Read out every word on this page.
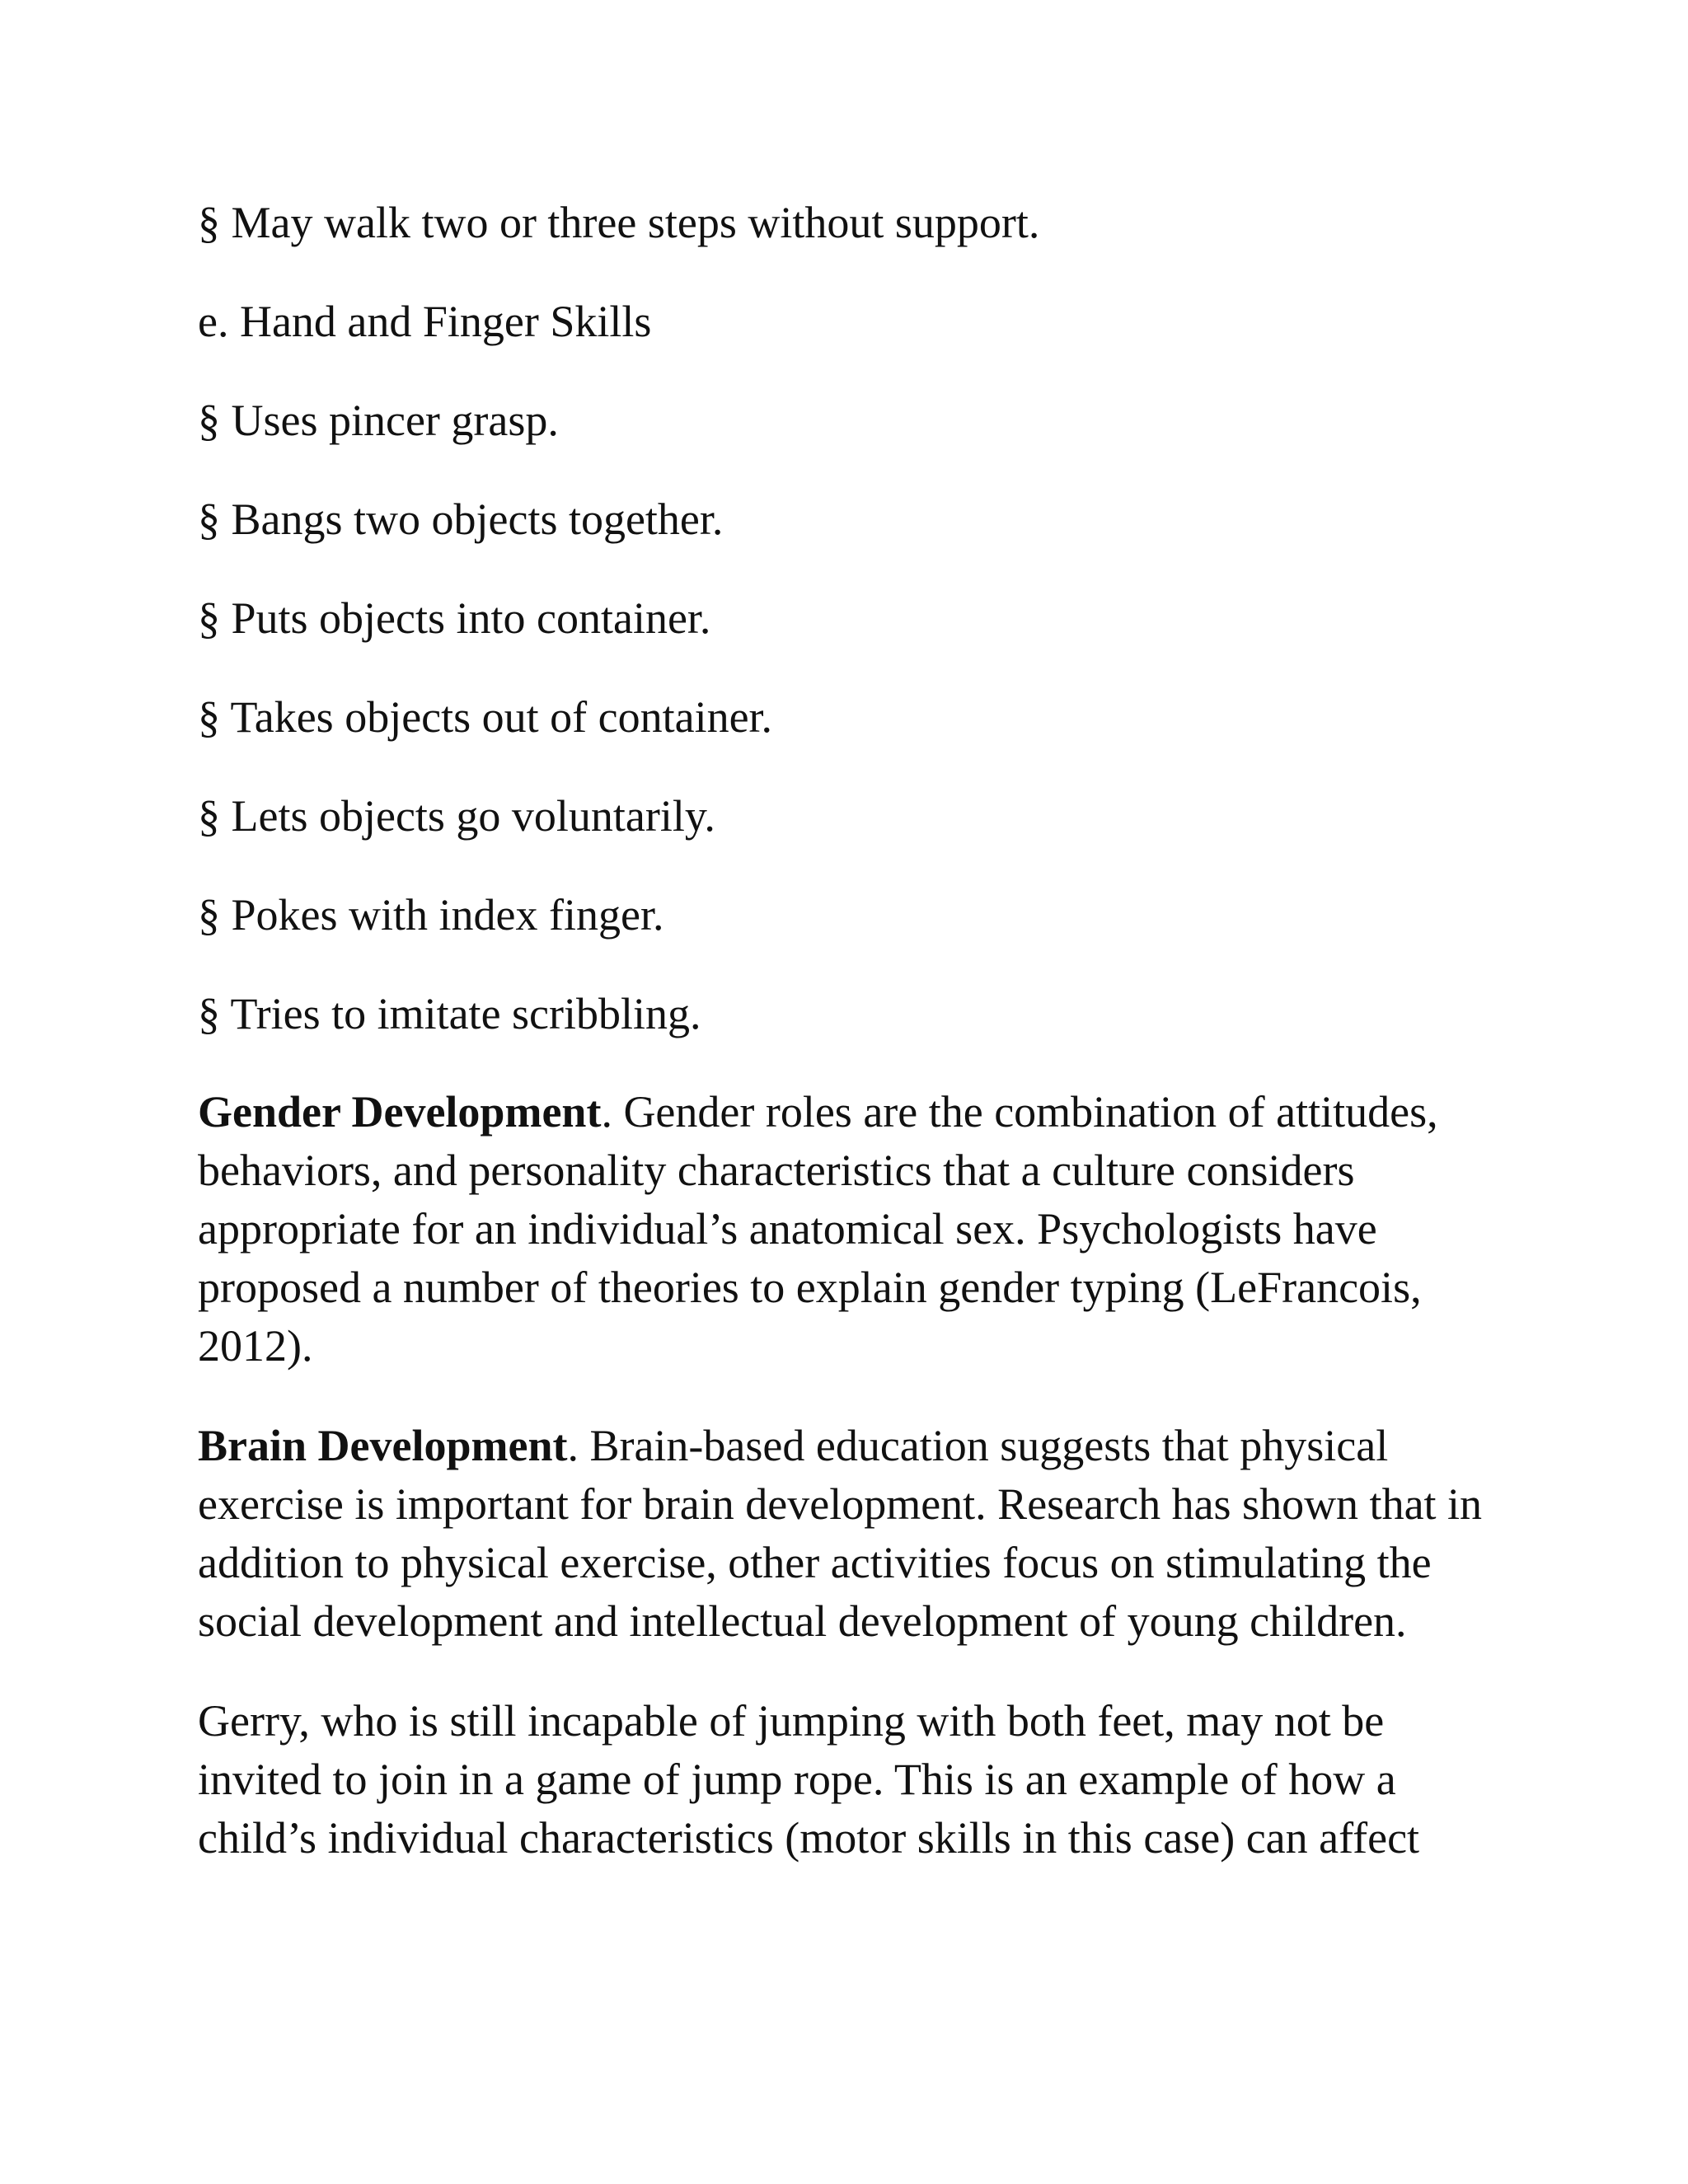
§ May walk two or three steps without support.
e. Hand and Finger Skills
§ Uses pincer grasp.
§ Bangs two objects together.
§ Puts objects into container.
§ Takes objects out of container.
§ Lets objects go voluntarily.
§ Pokes with index finger.
§ Tries to imitate scribbling.

Gender Development. Gender roles are the combination of attitudes, behaviors, and personality characteristics that a culture considers appropriate for an individual’s anatomical sex. Psychologists have proposed a number of theories to explain gender typing (LeFrancois, 2012).

Brain Development. Brain-based education suggests that physical exercise is important for brain development. Research has shown that in addition to physical exercise, other activities focus on stimulating the social development and intellectual development of young children.

Gerry, who is still incapable of jumping with both feet, may not be invited to join in a game of jump rope. This is an example of how a child’s individual characteristics (motor skills in this case) can affect
